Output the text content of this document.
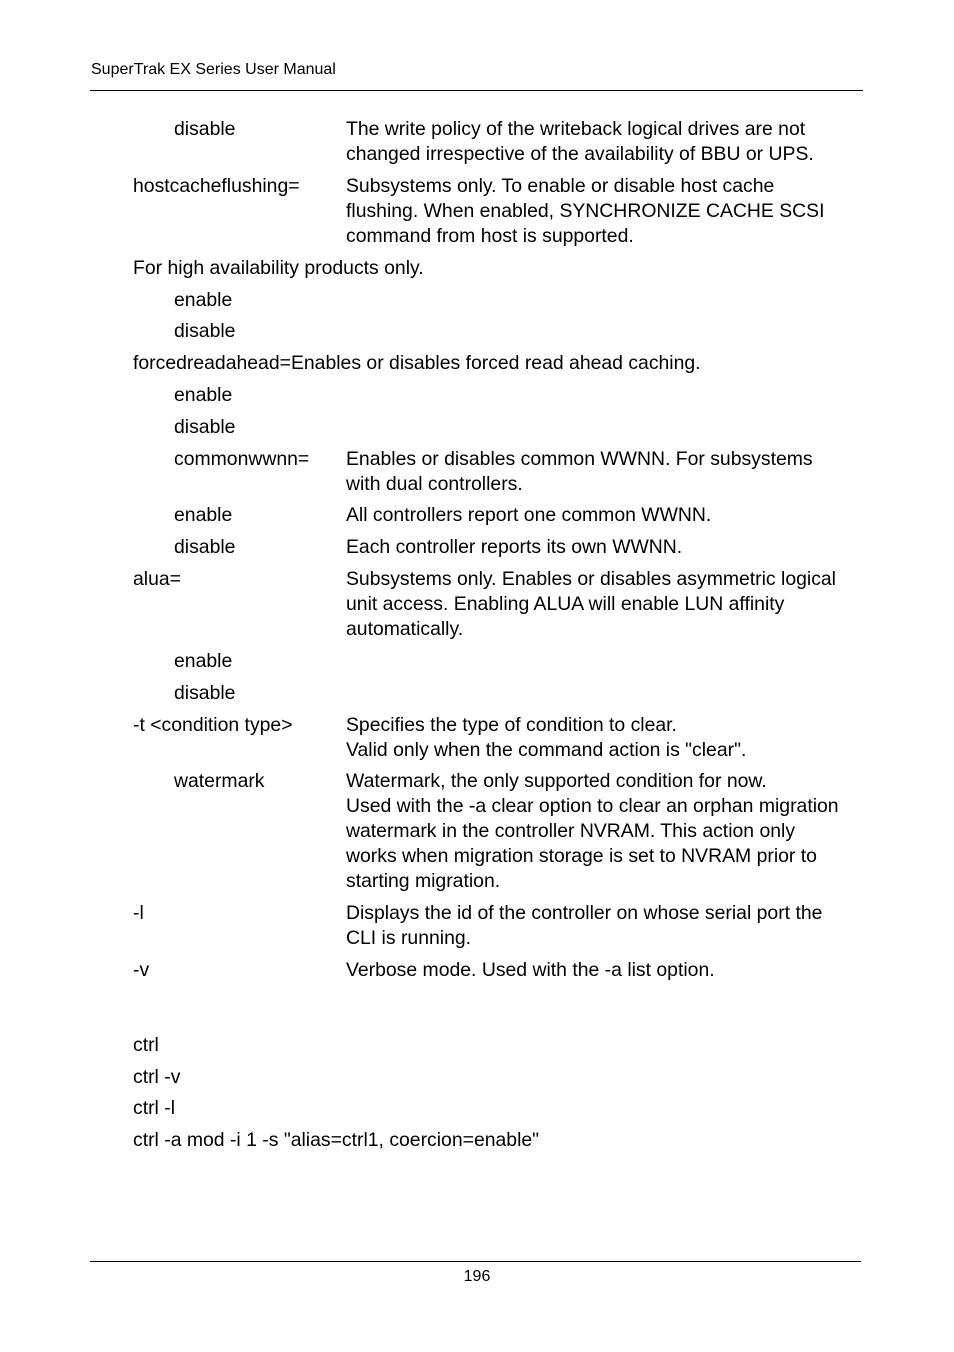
SuperTrak EX Series User Manual
disable	The write policy of the writeback logical drives are not
changed irrespective of the availability of BBU or UPS.
hostcacheflushing= Subsystems only. To enable or disable host cache
flushing. When enabled, SYNCHRONIZE CACHE SCSI
command from host is supported.
For high availability products only.
enable
disable
forcedreadahead=Enables or disables forced read ahead caching.
enable
disable
commonwwnn= Enables or disables common WWNN. For subsystems
with dual controllers.
enable	All controllers report one common WWNN.
disable	Each controller reports its own WWNN.
alua=	Subsystems only. Enables or disables asymmetric logical
unit access. Enabling ALUA will enable LUN affinity
automatically.
enable
disable
-t <condition type>	Specifies the type of condition to clear.
Valid only when the command action is "clear".
watermark	Watermark, the only supported condition for now.
Used with the -a clear option to clear an orphan migration
watermark in the controller NVRAM. This action only
works when migration storage is set to NVRAM prior to
starting migration.
-l	Displays the id of the controller on whose serial port the
CLI is running.
-v	Verbose mode. Used with the -a list option.
ctrl
ctrl -v
ctrl -l
ctrl -a mod -i 1 -s "alias=ctrl1, coercion=enable"
196
